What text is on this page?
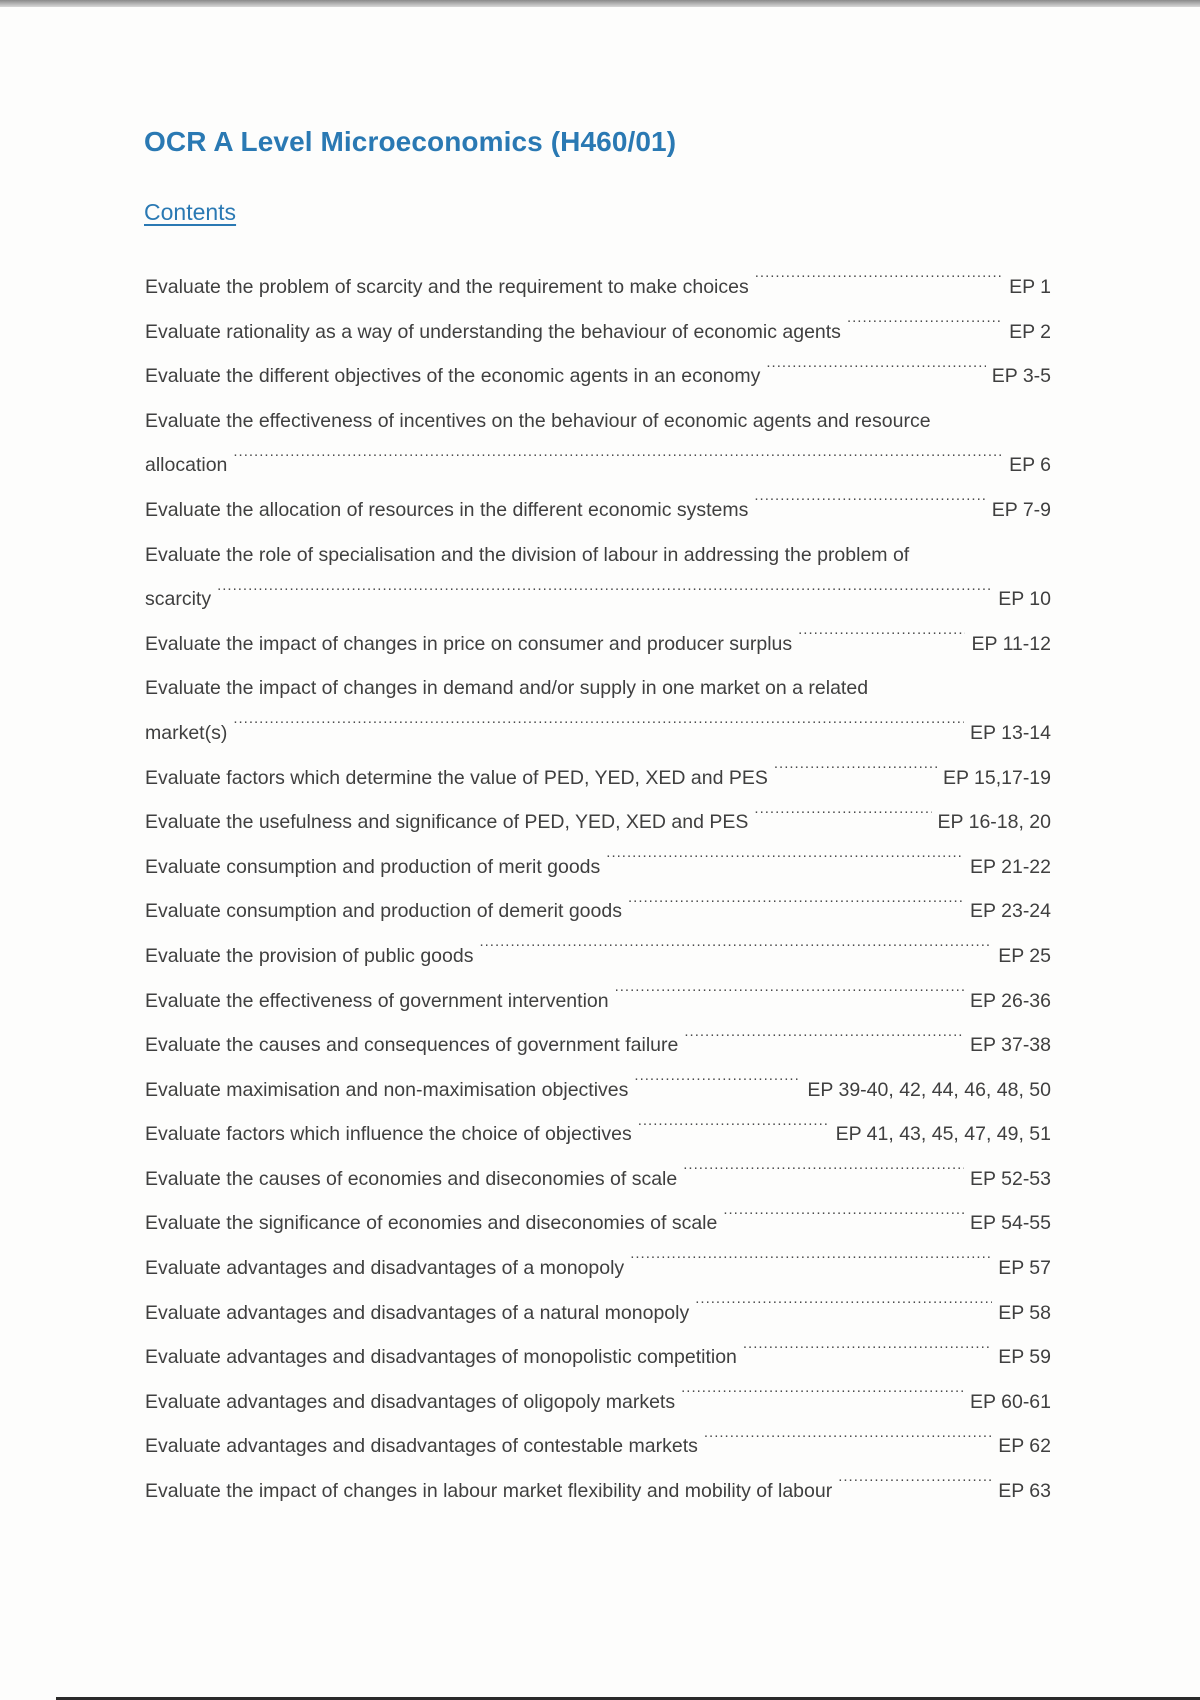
OCR A Level Microeconomics (H460/01)
Contents
Evaluate the problem of scarcity and the requirement to make choices .....	EP 1
Evaluate rationality as a way of understanding the behaviour of economic agents .....	EP 2
Evaluate the different objectives of the economic agents in an economy .....	EP 3-5
Evaluate the effectiveness of incentives on the behaviour of economic agents and resource
allocation .....	EP 6
Evaluate the allocation of resources in the different economic systems .....	EP 7-9
Evaluate the role of specialisation and the division of labour in addressing the problem of
scarcity .....	EP 10
Evaluate the impact of changes in price on consumer and producer surplus .....	EP 11-12
Evaluate the impact of changes in demand and/or supply in one market on a related
market(s) .....	EP 13-14
Evaluate factors which determine the value of PED, YED, XED and PES .....	EP 15,17-19
Evaluate the usefulness and significance of PED, YED, XED and PES .....	EP 16-18, 20
Evaluate consumption and production of merit goods .....	EP 21-22
Evaluate consumption and production of demerit goods .....	EP 23-24
Evaluate the provision of public goods .....	EP 25
Evaluate the effectiveness of government intervention .....	EP 26-36
Evaluate the causes and consequences of government failure .....	EP 37-38
Evaluate maximisation and non-maximisation objectives .....	EP 39-40, 42, 44, 46, 48, 50
Evaluate factors which influence the choice of objectives .....	EP 41, 43, 45, 47, 49, 51
Evaluate the causes of economies and diseconomies of scale .....	EP 52-53
Evaluate the significance of economies and diseconomies of scale .....	EP 54-55
Evaluate advantages and disadvantages of a monopoly .....	EP 57
Evaluate advantages and disadvantages of a natural monopoly .....	EP 58
Evaluate advantages and disadvantages of monopolistic competition .....	EP 59
Evaluate advantages and disadvantages of oligopoly markets .....	EP 60-61
Evaluate advantages and disadvantages of contestable markets .....	EP 62
Evaluate the impact of changes in labour market flexibility and mobility of labour .....	EP 63
